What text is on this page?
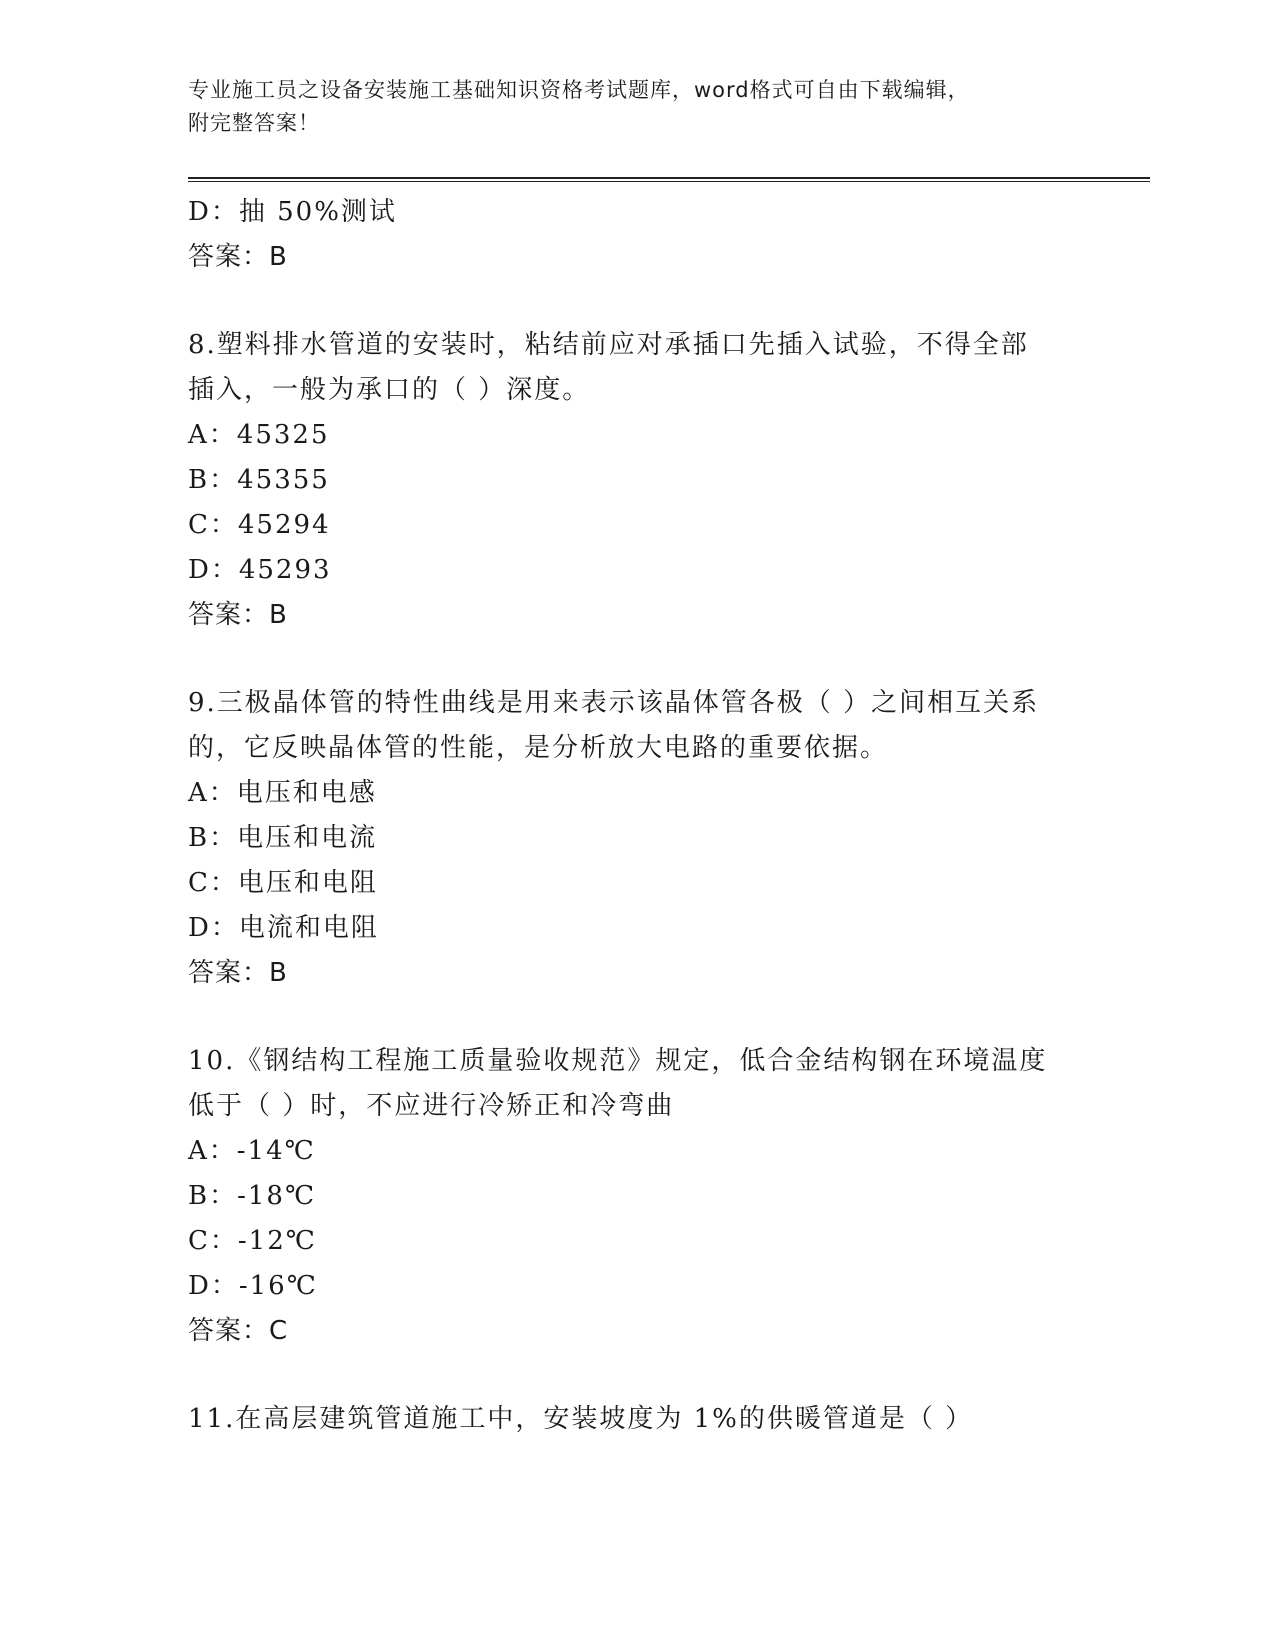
专业施工员之设备安装施工基础知识资格考试题库，word格式可自由下载编辑，
附完整答案！
D：抽 50%测试
答案：B
8.塑料排水管道的安装时，粘结前应对承插口先插入试验，不得全部
插入，一般为承口的（ ）深度。
A：45325
B：45355
C：45294
D：45293
答案：B
9.三极晶体管的特性曲线是用来表示该晶体管各极（ ）之间相互关系
的，它反映晶体管的性能，是分析放大电路的重要依据。
A：电压和电感
B：电压和电流
C：电压和电阻
D：电流和电阻
答案：B
10.《钢结构工程施工质量验收规范》规定，低合金结构钢在环境温度
低于（ ）时，不应进行冷矫正和冷弯曲
A：-14℃
B：-18℃
C：-12℃
D：-16℃
答案：C
11.在高层建筑管道施工中，安装坡度为 1%的供暖管道是（ ）
